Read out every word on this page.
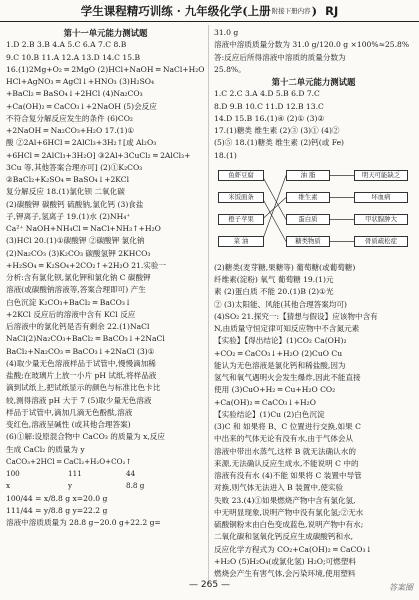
学生课程精巧训练 · 九年级化学(上册 附接下册内容 ) RJ
第十一单元能力测试题
1.D 2.B 3.B 4.A 5.C 6.A 7.C 8.B
9.C 10.B 11.A 12.A 13.D 14.C 15.B
16.(1)2Mg+O₂ ═ 2MgO (2)HCl+NaOH ═ NaCl+H₂O
HCl+AgNO₃ ═ AgCl↓+HNO₃ (3)H₂SO₄
+BaCl₂ ═ BaSO₄↓+2HCl (4)Na₂CO₃
+Ca(OH)₂ ═ CaCO₃↓+2NaOH (5)会反应
不符合复分解反应发生的条件 (6)CO₂
+2NaOH ═ Na₂CO₃+H₂O 17.(1)①
酸 ②2Al+6HCl ═ 2AlCl₃+3H₂↑[或 Al₂O₃
+6HCl ═ 2AlCl₃+3H₂O] ③2Al+3CuCl₂ ═ 2AlCl₃+
3Cu 等,其他答案合理亦可] (2)①K₂CO₃
②BaCl₂+K₂SO₄ ═ BaSO₄↓+2KCl
复分解反应 18.(1)氯化钡 二氧化碳
(2)碳酸钾 碳酸钙 硫酸钠,氯化钙 (3)食盐
子,钾离子,氢离子 19.(1)水 (2)NH₄⁺
Ca²⁺ NaOH+NH₄Cl ═ NaCl+NH₃↑+H₂O
(3)HCl 20.(1)①碳酸钾 ②碳酸钾 氯化钠
(2)Na₂CO₃ (3)K₂CO₃ 碳酸氢钾 2KHCO₃
+H₂SO₄ ═ K₂SO₄+2CO₂↑+2H₂O 21.实验一
分析:含有氯化钡,氯化钾和氯化钠 C 碳酸钾
溶液(或碳酸钠溶液等,答案合理即可) 产生
白色沉淀 K₂CO₃+BaCl₂ ═ BaCO₃↓
+2KCl 反应后的溶液中含有 KCl 反应
后溶液中的氯化钙是否有剩余 22.(1)NaCl
NaCl(2)Na₂CO₃+BaCl₂ ═ BaCO₃↓+2NaCl
BaCl₂+Na₂CO₃ ═ BaCO₃↓+2NaCl (3)①
(4)取少量无色溶液样品于试管中,慢慢滴加稀
盐酸;在玻璃片上放一小片 pH 试纸,将样品液
滴到试纸上,把试纸显示的颜色与标准比色卡比
较,测得溶液 pH 大于 7 (5)取少量无色溶液
样品于试管中,滴加几滴无色酚酞,溶液
变红色,溶液呈碱性 (或其他合理答案)
(6)①解:设原混合物中 CaCO₃ 的质量为 x,反应
生成 CaCl₂ 的质量为 y
CaCO₃+2HCl ═ CaCl₂+H₂O+CO₂↑
100	111	44
x	y	8.8 g
100/44 = x/8.8 g x=20.0 g
111/44 = y/8.8 g y=22.2 g
溶液中溶质质量为 28.8 g−20.0 g+22.2 g=
31.0 g
溶液中溶质质量分数为 31.0 g/120.0 g ×100%≈25.8%
答:反应后所得溶液中溶质的质量分数为
25.8%。
第十二单元能力测试题
1.C 2.C 3.A 4.D 5.B 6.D 7.C
8.D 9.B 10.C 11.D 12.B 13.C
14.D 15.B 16.(1)④ (2)① (3)②
17.(1)糖类 维生素 (2)③ (3)① (4)②
(5)⑤ 18.(1)糖类 维生素 (2)钙(或 Fe)
18.(1)
鱼虾豆腐
米饭面条
橙子苹果
菜 油
油 脂
维生素
蛋白质
糖类物质
明天可能缺乏
坏血病
甲状腺肿大
骨质疏松症
(2)糖类(麦芽糖,果糖等) 葡萄糖(或葡萄糖)
纤维素(淀粉) 氧气 葡萄糖 19.(1)元
素 (2)蛋白质 不能 20.(1)B (2)①光
② (3)太阳能、风能(其他合理答案均可)
(4)SO₂ 21.探究一:【猜想与假设】应该物中含有
N,由质量守恒定律可知反应物中不含氮元素
【实验】【得出结论】(1)CO₂ Ca(OH)₂
+CO₂ ═ CaCO₃↓+H₂O (2)CuO Cu
能认为无色溶液是氯化钙和稀盐酸,因为
氢气和氧气遇明火会发生爆炸,因此不能直接
使用 (3)CuO+H₂ ═ Cu+H₂O CO₂
+Ca(OH)₂ ═ CaCO₃↓+H₂O
【实验结论】(1)Cu (2)白色沉淀
(3)C 和 如果将 B、C 位置进行交换,如果 C
中出来的气体无论有没有水,由于气体会从
溶液中带出水蒸气,这样 B 就无法确认水的
来源,无法确认反应生成水,不能说明 C 中的
溶液有没有水 (4)不能 如果将 C 装置中导管
对换,则气体无法进入 B 装置中,使实验
失败 23.(4)①如果燃烧产物中含有氯化氢,
中无明显现象,说明产物中没有氯化氢;②无水
硫酸铜粉末由白色变成蓝色,说明产物中有水;
二氧化碳和氢氧化钙反应生成碳酸钙和水,
反应化学方程式为 CO₂+Ca(OH)₂ ═ CaCO₃↓
+H₂O (5)H₂O₄(或氯化氢) H₂O;可燃塑料
燃烧会产生有害气体,会污染环境,使用塑料
— 265 —	答案圈
